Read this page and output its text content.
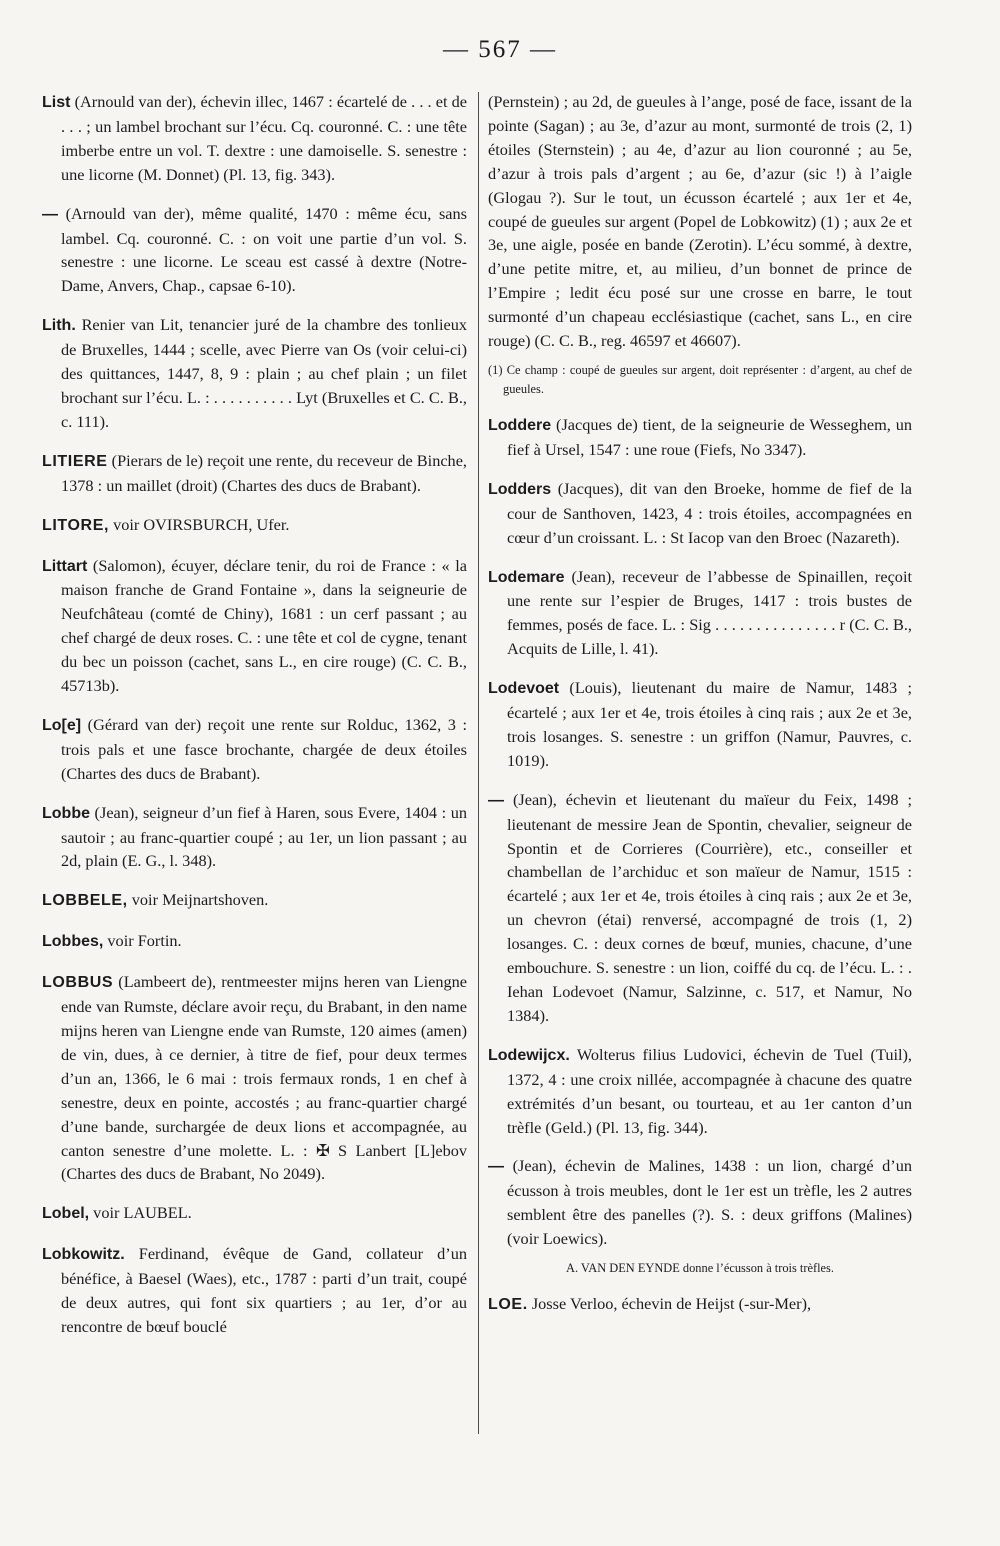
— 567 —

List (Arnould van der), échevin illec, 1467 : écartelé de . . . et de . . . ; un lambel brochant sur l’écu. Cq. couronné. C. : une tête imberbe entre un vol. T. dextre : une damoiselle. S. senestre : une licorne (M. Donnet) (Pl. 13, fig. 343).

— (Arnould van der), même qualité, 1470 : même écu, sans lambel. Cq. couronné. C. : on voit une partie d’un vol. S. senestre : une licorne. Le sceau est cassé à dextre (Notre-Dame, Anvers, Chap., capsae 6-10).

Lith. Renier van Lit, tenancier juré de la chambre des tonlieux de Bruxelles, 1444 ; scelle, avec Pierre van Os (voir celui-ci) des quittances, 1447, 8, 9 : plain ; au chef plain ; un filet brochant sur l’écu. L. : . . . . . . . . . . Lyt (Bruxelles et C. C. B., c. 111).

LITIERE (Pierars de le) reçoit une rente, du receveur de Binche, 1378 : un maillet (droit) (Chartes des ducs de Brabant).

LITORE, voir OVIRSBURCH, Ufer.

Littart (Salomon), écuyer, déclare tenir, du roi de France : « la maison franche de Grand Fontaine », dans la seigneurie de Neufchâteau (comté de Chiny), 1681 : un cerf passant ; au chef chargé de deux roses. C. : une tête et col de cygne, tenant du bec un poisson (cachet, sans L., en cire rouge) (C. C. B., 45713b).

Lo[e] (Gérard van der) reçoit une rente sur Rolduc, 1362, 3 : trois pals et une fasce brochante, chargée de deux étoiles (Chartes des ducs de Brabant).

Lobbe (Jean), seigneur d’un fief à Haren, sous Evere, 1404 : un sautoir ; au franc-quartier coupé ; au 1er, un lion passant ; au 2d, plain (E. G., l. 348).

LOBBELE, voir Meijnartshoven.

Lobbes, voir Fortin.

LOBBUS (Lambeert de), rentmeester mijns heren van Liengne ende van Rumste, déclare avoir reçu, du Brabant, in den name mijns heren van Liengne ende van Rumste, 120 aimes (amen) de vin, dues, à ce dernier, à titre de fief, pour deux termes d’un an, 1366, le 6 mai : trois fermaux ronds, 1 en chef à senestre, deux en pointe, accostés ; au franc-quartier chargé d’une bande, surchargée de deux lions et accompagnée, au canton senestre d’une molette. L. : ✠ S Lanbert [L]ebov (Chartes des ducs de Brabant, No 2049).

Lobel, voir LAUBEL.

Lobkowitz. Ferdinand, évêque de Gand, collateur d’un bénéfice, à Baesel (Waes), etc., 1787 : parti d’un trait, coupé de deux autres, qui font six quartiers ; au 1er, d’or au rencontre de bœuf bouclé

(Pernstein) ; au 2d, de gueules à l’ange, posé de face, issant de la pointe (Sagan) ; au 3e, d’azur au mont, surmonté de trois (2, 1) étoiles (Sternstein) ; au 4e, d’azur au lion couronné ; au 5e, d’azur à trois pals d’argent ; au 6e, d’azur (sic !) à l’aigle (Glogau ?). Sur le tout, un écusson écartelé ; aux 1er et 4e, coupé de gueules sur argent (Popel de Lobkowitz) (1) ; aux 2e et 3e, une aigle, posée en bande (Zerotin). L’écu sommé, à dextre, d’une petite mitre, et, au milieu, d’un bonnet de prince de l’Empire ; ledit écu posé sur une crosse en barre, le tout surmonté d’un chapeau ecclésiastique (cachet, sans L., en cire rouge) (C. C. B., reg. 46597 et 46607).

(1) Ce champ : coupé de gueules sur argent, doit représenter : d’argent, au chef de gueules.

Loddere (Jacques de) tient, de la seigneurie de Wesseghem, un fief à Ursel, 1547 : une roue (Fiefs, No 3347).

Lodders (Jacques), dit van den Broeke, homme de fief de la cour de Santhoven, 1423, 4 : trois étoiles, accompagnées en cœur d’un croissant. L. : St Iacop van den Broec (Nazareth).

Lodemare (Jean), receveur de l’abbesse de Spinaillen, reçoit une rente sur l’espier de Bruges, 1417 : trois bustes de femmes, posés de face. L. : Sig . . . . . . . . . . . . . . . r (C. C. B., Acquits de Lille, l. 41).

Lodevoet (Louis), lieutenant du maire de Namur, 1483 ; écartelé ; aux 1er et 4e, trois étoiles à cinq rais ; aux 2e et 3e, trois losanges. S. senestre : un griffon (Namur, Pauvres, c. 1019).

— (Jean), échevin et lieutenant du maïeur du Feix, 1498 ; lieutenant de messire Jean de Spontin, chevalier, seigneur de Spontin et de Corrieres (Courrière), etc., conseiller et chambellan de l’archiduc et son maïeur de Namur, 1515 : écartelé ; aux 1er et 4e, trois étoiles à cinq rais ; aux 2e et 3e, un chevron (étai) renversé, accompagné de trois (1, 2) losanges. C. : deux cornes de bœuf, munies, chacune, d’une embouchure. S. senestre : un lion, coiffé du cq. de l’écu. L. : . Iehan Lodevoet (Namur, Salzinne, c. 517, et Namur, No 1384).

Lodewijcx. Wolterus filius Ludovici, échevin de Tuel (Tuil), 1372, 4 : une croix nillée, accompagnée à chacune des quatre extrémités d’un besant, ou tourteau, et au 1er canton d’un trèfle (Geld.) (Pl. 13, fig. 344).

— (Jean), échevin de Malines, 1438 : un lion, chargé d’un écusson à trois meubles, dont le 1er est un trèfle, les 2 autres semblent être des panelles (?). S. : deux griffons (Malines) (voir Loewics).

A. VAN DEN EYNDE donne l’écusson à trois trèfles.

LOE. Josse Verloo, échevin de Heijst (-sur-Mer),
